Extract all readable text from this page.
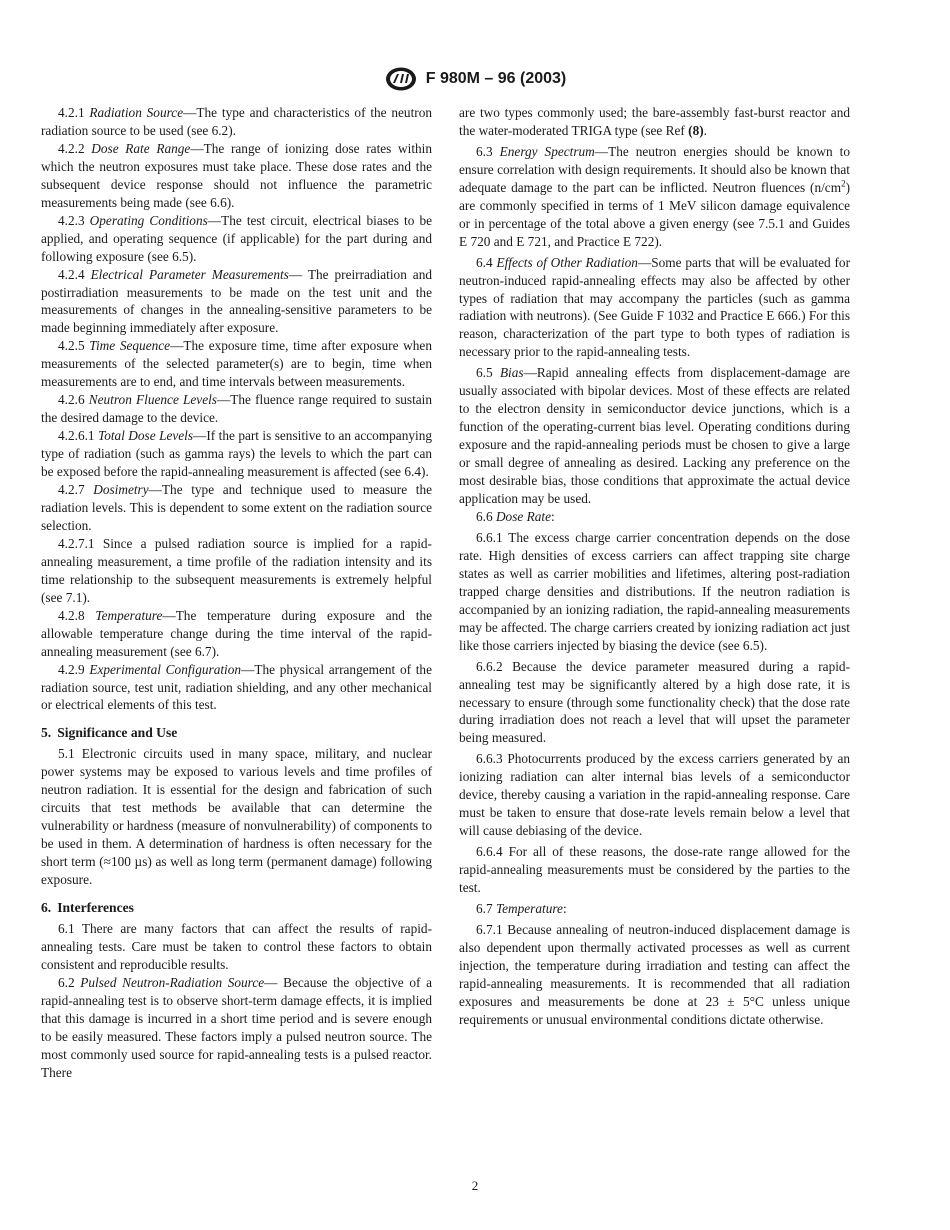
F 980M – 96 (2003)

4.2.1 Radiation Source—The type and characteristics of the neutron radiation source to be used (see 6.2).

4.2.2 Dose Rate Range—The range of ionizing dose rates within which the neutron exposures must take place. These dose rates and the subsequent device response should not influence the parametric measurements being made (see 6.6).

4.2.3 Operating Conditions—The test circuit, electrical biases to be applied, and operating sequence (if applicable) for the part during and following exposure (see 6.5).

4.2.4 Electrical Parameter Measurements— The preirradiation and postirradiation measurements to be made on the test unit and the measurements of changes in the annealing-sensitive parameters to be made beginning immediately after exposure.

4.2.5 Time Sequence—The exposure time, time after exposure when measurements of the selected parameter(s) are to begin, time when measurements are to end, and time intervals between measurements.

4.2.6 Neutron Fluence Levels—The fluence range required to sustain the desired damage to the device.

4.2.6.1 Total Dose Levels—If the part is sensitive to an accompanying type of radiation (such as gamma rays) the levels to which the part can be exposed before the rapid-annealing measurement is affected (see 6.4).

4.2.7 Dosimetry—The type and technique used to measure the radiation levels. This is dependent to some extent on the radiation source selection.

4.2.7.1 Since a pulsed radiation source is implied for a rapid-annealing measurement, a time profile of the radiation intensity and its time relationship to the subsequent measurements is extremely helpful (see 7.1).

4.2.8 Temperature—The temperature during exposure and the allowable temperature change during the time interval of the rapid-annealing measurement (see 6.7).

4.2.9 Experimental Configuration—The physical arrangement of the radiation source, test unit, radiation shielding, and any other mechanical or electrical elements of this test.

5. Significance and Use

5.1 Electronic circuits used in many space, military, and nuclear power systems may be exposed to various levels and time profiles of neutron radiation. It is essential for the design and fabrication of such circuits that test methods be available that can determine the vulnerability or hardness (measure of nonvulnerability) of components to be used in them. A determination of hardness is often necessary for the short term (≈100 µs) as well as long term (permanent damage) following exposure.

6. Interferences

6.1 There are many factors that can affect the results of rapid-annealing tests. Care must be taken to control these factors to obtain consistent and reproducible results.

6.2 Pulsed Neutron-Radiation Source— Because the objective of a rapid-annealing test is to observe short-term damage effects, it is implied that this damage is incurred in a short time period and is severe enough to be easily measured. These factors imply a pulsed neutron source. The most commonly used source for rapid-annealing tests is a pulsed reactor. There

are two types commonly used; the bare-assembly fast-burst reactor and the water-moderated TRIGA type (see Ref (8).

6.3 Energy Spectrum—The neutron energies should be known to ensure correlation with design requirements. It should also be known that adequate damage to the part can be inflicted. Neutron fluences $(n/cm^2)$ are commonly specified in terms of 1 MeV silicon damage equivalence or in percentage of the total above a given energy (see 7.5.1 and Guides E 720 and E 721, and Practice E 722).

6.4 Effects of Other Radiation—Some parts that will be evaluated for neutron-induced rapid-annealing effects may also be affected by other types of radiation that may accompany the particles (such as gamma radiation with neutrons). (See Guide F 1032 and Practice E 666.) For this reason, characterization of the part type to both types of radiation is necessary prior to the rapid-annealing tests.

6.5 Bias—Rapid annealing effects from displacement-damage are usually associated with bipolar devices. Most of these effects are related to the electron density in semiconductor device junctions, which is a function of the operating-current bias level. Operating conditions during exposure and the rapid-annealing periods must be chosen to give a large or small degree of annealing as desired. Lacking any preference on the most desirable bias, those conditions that approximate the actual device application may be used.

6.6 Dose Rate:

6.6.1 The excess charge carrier concentration depends on the dose rate. High densities of excess carriers can affect trapping site charge states as well as carrier mobilities and lifetimes, altering post-radiation trapped charge densities and distributions. If the neutron radiation is accompanied by an ionizing radiation, the rapid-annealing measurements may be affected. The charge carriers created by ionizing radiation act just like those carriers injected by biasing the device (see 6.5).

6.6.2 Because the device parameter measured during a rapid-annealing test may be significantly altered by a high dose rate, it is necessary to ensure (through some functionality check) that the dose rate during irradiation does not reach a level that will upset the parameter being measured.

6.6.3 Photocurrents produced by the excess carriers generated by an ionizing radiation can alter internal bias levels of a semiconductor device, thereby causing a variation in the rapid-annealing response. Care must be taken to ensure that dose-rate levels remain below a level that will cause debiasing of the device.

6.6.4 For all of these reasons, the dose-rate range allowed for the rapid-annealing measurements must be considered by the parties to the test.

6.7 Temperature:

6.7.1 Because annealing of neutron-induced displacement damage is also dependent upon thermally activated processes as well as current injection, the temperature during irradiation and testing can affect the rapid-annealing measurements. It is recommended that all radiation exposures and measurements be done at 23 ± 5°C unless unique requirements or unusual environmental conditions dictate otherwise.

2
